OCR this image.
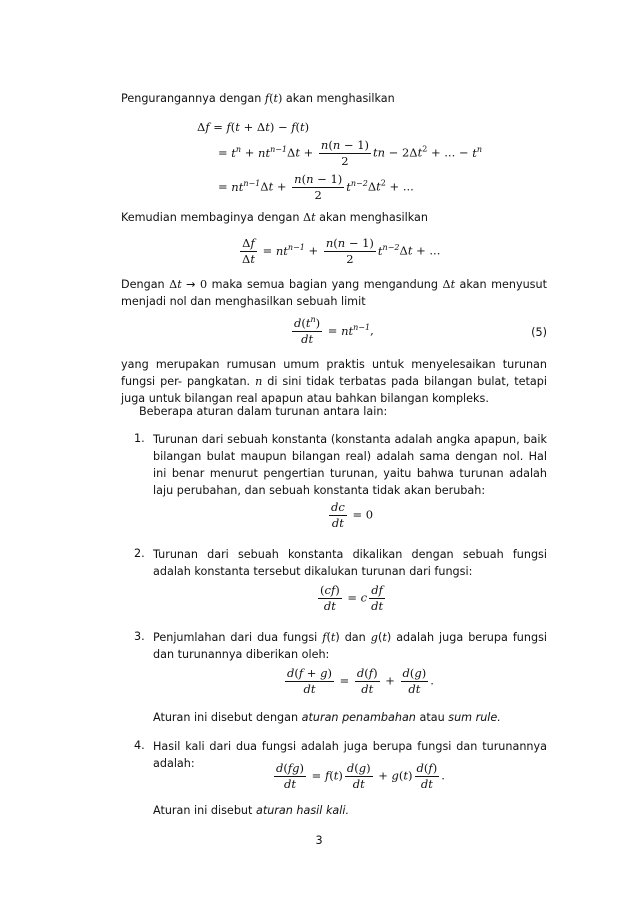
Pengurangannya dengan f(t) akan menghasilkan
Δf = f(t + Δt) − f(t)
= $t^n + nt^{n-1}\Delta t + \frac{n(n - 1)}{2}$ tn − $2\Delta t^2$ + ... − $t^n$
= $nt^{n-1}\Delta t + \frac{n(n - 1)}{2} t^{n-2}\Delta t^2$ + ...
Kemudian membaginya dengan Δt akan menghasilkan
$\frac{\Delta f}{\Delta t} = nt^{n-1} + \frac{n(n - 1)}{2} t^{n-2}\Delta t$ + ...
Dengan Δt → 0 maka semua bagian yang mengandung Δt akan menyusut menjadi nol dan menghasilkan sebuah limit
$\frac{d(t^n)}{dt} = nt^{n-1}$,	(5)
yang merupakan rumusan umum praktis untuk menyelesaikan turunan fungsi per- pangkatan. n di sini tidak terbatas pada bilangan bulat, tetapi juga untuk bilangan real apapun atau bahkan bilangan kompleks.
Beberapa aturan dalam turunan antara lain:
1. Turunan dari sebuah konstanta (konstanta adalah angka apapun, baik bilangan bulat maupun bilangan real) adalah sama dengan nol. Hal ini benar menurut pengertian turunan, yaitu bahwa turunan adalah laju perubahan, dan sebuah konstanta tidak akan berubah:
$\frac{dc}{dt} = 0$
2. Turunan dari sebuah konstanta dikalikan dengan sebuah fungsi adalah konstanta tersebut dikalukan turunan dari fungsi:
$\frac{(cf)}{dt} = c \frac{df}{dt}$
3. Penjumlahan dari dua fungsi f(t) dan g(t) adalah juga berupa fungsi dan turunannya diberikan oleh:
$\frac{d(f + g)}{dt} = \frac{d(f)}{dt} + \frac{d(g)}{dt}$ .
Aturan ini disebut dengan aturan penambahan atau sum rule.
4. Hasil kali dari dua fungsi adalah juga berupa fungsi dan turunannya adalah:	$\frac{d(fg)}{dt} = f(t) \frac{d(g)}{dt} + g(t) \frac{d(f)}{dt}$ .
Aturan ini disebut aturan hasil kali.
3
